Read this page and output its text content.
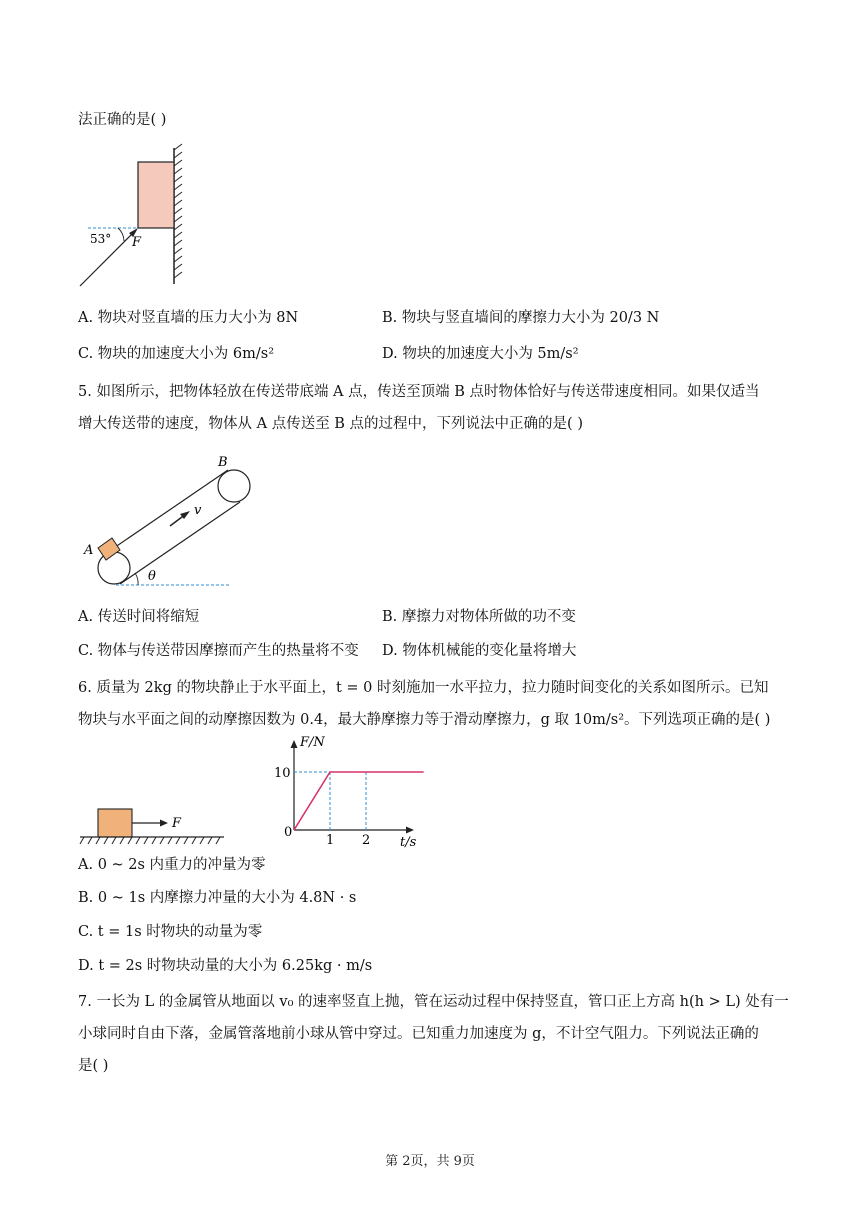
法正确的是( )
53° F
A. 物块对竖直墙的压力大小为 8N	B. 物块与竖直墙间的摩擦力大小为 20/3 N
C. 物块的加速度大小为 6m/s²	D. 物块的加速度大小为 5m/s²
5. 如图所示，把物体轻放在传送带底端 A 点，传送至顶端 B 点时物体恰好与传送带速度相同。如果仅适当
增大传送带的速度，物体从 A 点传送至 B 点的过程中，下列说法中正确的是( )
A
B
v
θ
A. 传送时间将缩短	B. 摩擦力对物体所做的功不变
C. 物体与传送带因摩擦而产生的热量将不变 D. 物体机械能的变化量将增大
6. 质量为 2kg 的物块静止于水平面上，t = 0 时刻施加一水平拉力，拉力随时间变化的关系如图所示。已知
物块与水平面之间的动摩擦因数为 0.4，最大静摩擦力等于滑动摩擦力，g 取 10m/s²。下列选项正确的是( )
F
F/N
t/s
0
1 2
10
A. 0 ~ 2s 内重力的冲量为零
B. 0 ~ 1s 内摩擦力冲量的大小为 4.8N · s
C. t = 1s 时物块的动量为零
D. t = 2s 时物块动量的大小为 6.25kg · m/s
7. 一长为 L 的金属管从地面以 v₀ 的速率竖直上抛，管在运动过程中保持竖直，管口正上方高 h(h > L) 处有一
小球同时自由下落，金属管落地前小球从管中穿过。已知重力加速度为 g，不计空气阻力。下列说法正确的
是( )
第 2页，共 9页
